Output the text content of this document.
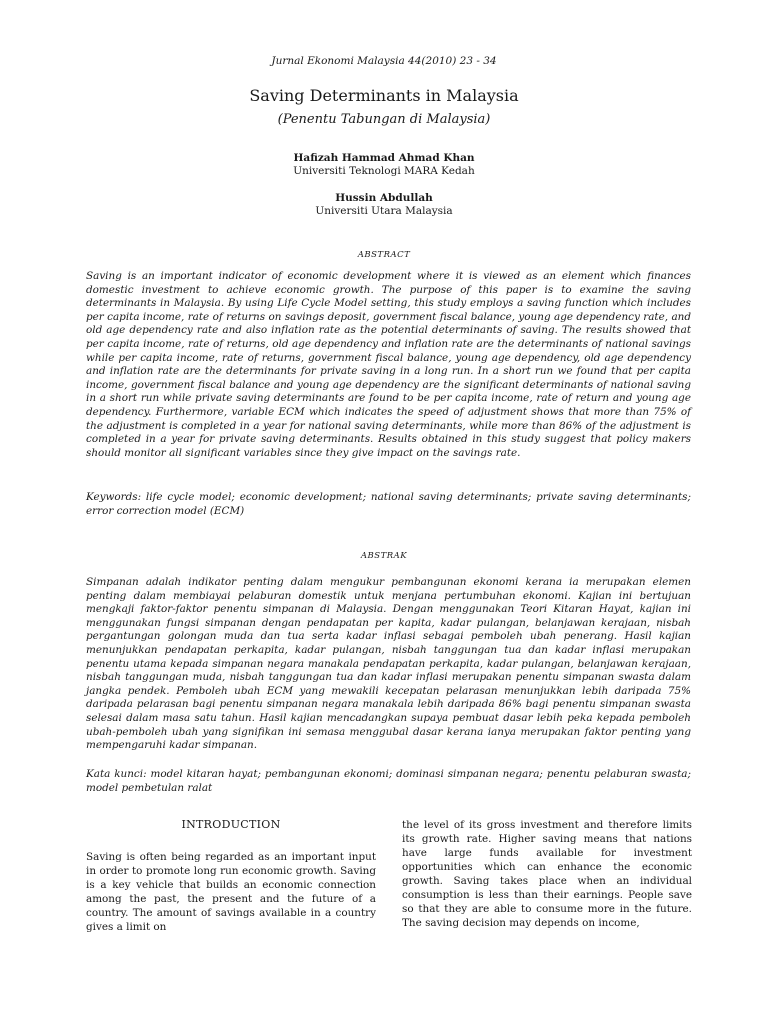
Jurnal Ekonomi Malaysia 44(2010) 23 - 34
Saving Determinants in Malaysia
(Penentu Tabungan di Malaysia)
Hafizah Hammad Ahmad Khan
Universiti Teknologi MARA Kedah
Hussin Abdullah
Universiti Utara Malaysia
ABSTRACT

Saving is an important indicator of economic development where it is viewed as an element which finances domestic investment to achieve economic growth. The purpose of this paper is to examine the saving determinants in Malaysia. By using Life Cycle Model setting, this study employs a saving function which includes per capita income, rate of returns on savings deposit, government fiscal balance, young age dependency rate, and old age dependency rate and also inflation rate as the potential determinants of saving. The results showed that per capita income, rate of returns, old age dependency and inflation rate are the determinants of national savings while per capita income, rate of returns, government fiscal balance, young age dependency, old age dependency and inflation rate are the determinants for private saving in a long run. In a short run we found that per capita income, government fiscal balance and young age dependency are the significant determinants of national saving in a short run while private saving determinants are found to be per capita income, rate of return and young age dependency. Furthermore, variable ECM which indicates the speed of adjustment shows that more than 75% of the adjustment is completed in a year for national saving determinants, while more than 86% of the adjustment is completed in a year for private saving determinants. Results obtained in this study suggest that policy makers should monitor all significant variables since they give impact on the savings rate.

Keywords: life cycle model; economic development; national saving determinants; private saving determinants; error correction model (ECM)

ABSTRAK

Simpanan adalah indikator penting dalam mengukur pembangunan ekonomi kerana ia merupakan elemen penting dalam membiayai pelaburan domestik untuk menjana pertumbuhan ekonomi. Kajian ini bertujuan mengkaji faktor-faktor penentu simpanan di Malaysia. Dengan menggunakan Teori Kitaran Hayat, kajian ini menggunakan fungsi simpanan dengan pendapatan per kapita, kadar pulangan, belanjawan kerajaan, nisbah pergantungan golongan muda dan tua serta kadar inflasi sebagai pemboleh ubah penerang. Hasil kajian menunjukkan pendapatan perkapita, kadar pulangan, nisbah tanggungan tua dan kadar inflasi merupakan penentu utama kepada simpanan negara manakala pendapatan perkapita, kadar pulangan, belanjawan kerajaan, nisbah tanggungan muda, nisbah tanggungan tua dan kadar inflasi merupakan penentu simpanan swasta dalam jangka pendek. Pemboleh ubah ECM yang mewakili kecepatan pelarasan menunjukkan lebih daripada 75% daripada pelarasan bagi penentu simpanan negara manakala lebih daripada 86% bagi penentu simpanan swasta selesai dalam masa satu tahun. Hasil kajian mencadangkan supaya pembuat dasar lebih peka kepada pemboleh ubah-pemboleh ubah yang signifikan ini semasa menggubal dasar kerana ianya merupakan faktor penting yang mempengaruhi kadar simpanan.

Kata kunci: model kitaran hayat; pembangunan ekonomi; dominasi simpanan negara; penentu pelaburan swasta; model pembetulan ralat

INTRODUCTION

Saving is often being regarded as an important input in order to promote long run economic growth. Saving is a key vehicle that builds an economic connection among the past, the present and the future of a country. The amount of savings available in a country gives a limit on

the level of its gross investment and therefore limits its growth rate. Higher saving means that nations have large funds available for investment opportunities which can enhance the economic growth. Saving takes place when an individual consumption is less than their earnings. People save so that they are able to consume more in the future. The saving decision may depends on income,
